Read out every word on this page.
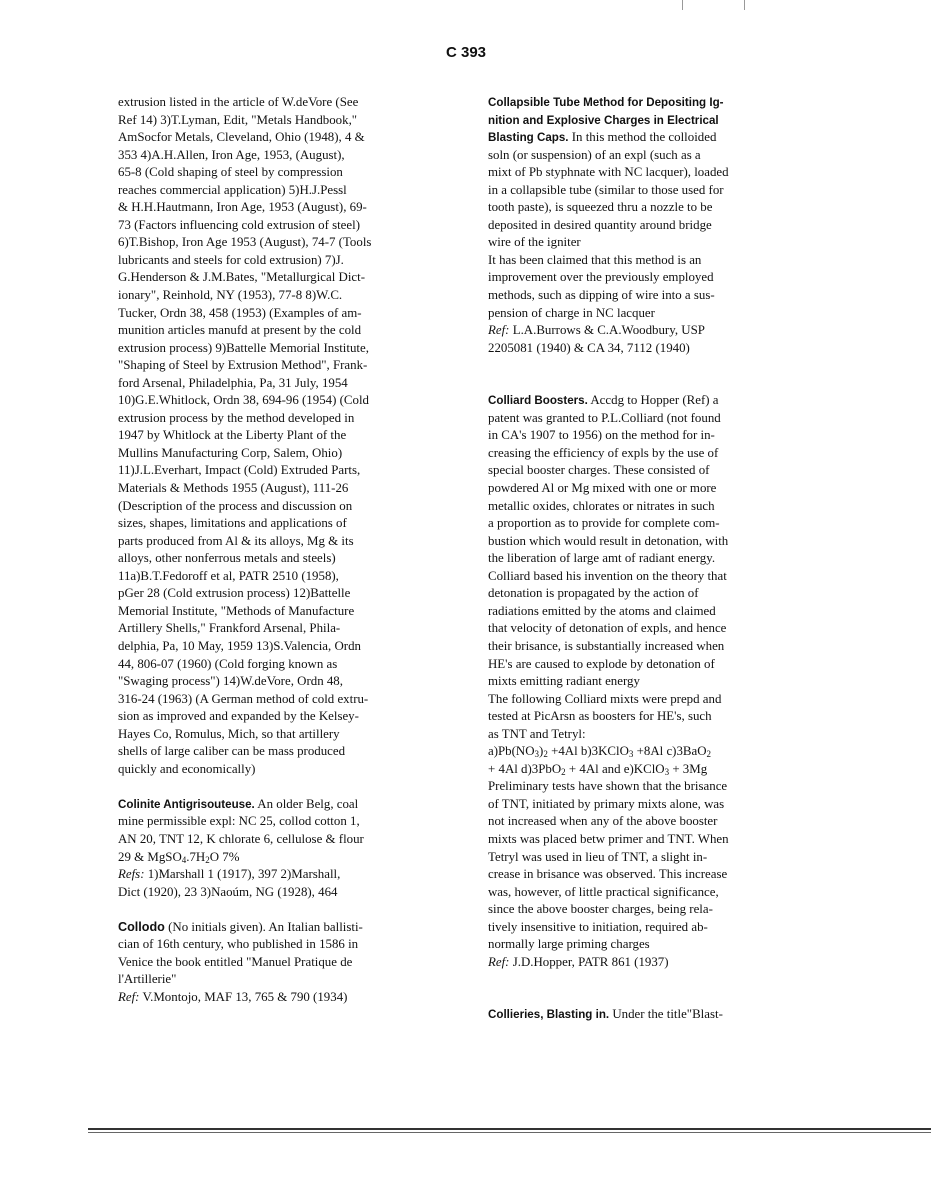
C 393
extrusion listed in the article of W.deVore (See
Ref 14) 3)T.Lyman, Edit, "Metals Handbook,"
AmSocfor Metals, Cleveland, Ohio (1948), 4 &
353 4)A.H.Allen, Iron Age, 1953, (August),
65-8 (Cold shaping of steel by compression
reaches commercial application) 5)H.J.Pessl
& H.H.Hautmann, Iron Age, 1953 (August), 69-
73 (Factors influencing cold extrusion of steel)
6)T.Bishop, Iron Age 1953 (August), 74-7 (Tools
lubricants and steels for cold extrusion) 7)J.
G.Henderson & J.M.Bates, "Metallurgical Dict-
ionary", Reinhold, NY (1953), 77-8 8)W.C.
Tucker, Ordn 38, 458 (1953) (Examples of am-
munition articles manufd at present by the cold
extrusion process) 9)Battelle Memorial Institute,
"Shaping of Steel by Extrusion Method", Frank-
ford Arsenal, Philadelphia, Pa, 31 July, 1954
10)G.E.Whitlock, Ordn 38, 694-96 (1954) (Cold
extrusion process by the method developed in
1947 by Whitlock at the Liberty Plant of the
Mullins Manufacturing Corp, Salem, Ohio)
11)J.L.Everhart, Impact (Cold) Extruded Parts,
Materials & Methods 1955 (August), 111-26
(Description of the process and discussion on
sizes, shapes, limitations and applications of
parts produced from Al & its alloys, Mg & its
alloys, other nonferrous metals and steels)
11a)B.T.Fedoroff et al, PATR 2510 (1958),
pGer 28 (Cold extrusion process) 12)Battelle
Memorial Institute, "Methods of Manufacture
Artillery Shells," Frankford Arsenal, Phila-
delphia, Pa, 10 May, 1959 13)S.Valencia, Ordn
44, 806-07 (1960) (Cold forging known as
"Swaging process") 14)W.deVore, Ordn 48,
316-24 (1963) (A German method of cold extru-
sion as improved and expanded by the Kelsey-
Hayes Co, Romulus, Mich, so that artillery
shells of large caliber can be mass produced
quickly and economically)
Colinite Antigrisouteuse. An older Belg, coal
mine permissible expl: NC 25, collod cotton 1,
AN 20, TNT 12, K chlorate 6, cellulose & flour
29 & $MgSO_4.7H_2O$ 7%
Refs: 1)Marshall 1 (1917), 397 2)Marshall,
Dict (1920), 23 3)Naoúm, NG (1928), 464
Collodo (No initials given). An Italian ballisti-
cian of 16th century, who published in 1586 in
Venice the book entitled "Manuel Pratique de
l'Artillerie"
Ref: V.Montojo, MAF 13, 765 & 790 (1934)
Collapsible Tube Method for Depositing Ig-
nition and Explosive Charges in Electrical
Blasting Caps. In this method the colloided
soln (or suspension) of an expl (such as a
mixt of Pb styphnate with NC lacquer), loaded
in a collapsible tube (similar to those used for
tooth paste), is squeezed thru a nozzle to be
deposited in desired quantity around bridge
wire of the igniter
It has been claimed that this method is an
improvement over the previously employed
methods, such as dipping of wire into a sus-
pension of charge in NC lacquer
Ref: L.A.Burrows & C.A.Woodbury, USP
2205081 (1940) & CA 34, 7112 (1940)
Colliard Boosters. Accdg to Hopper (Ref) a
patent was granted to P.L.Colliard (not found
in CA's 1907 to 1956) on the method for in-
creasing the efficiency of expls by the use of
special booster charges. These consisted of
powdered Al or Mg mixed with one or more
metallic oxides, chlorates or nitrates in such
a proportion as to provide for complete com-
bustion which would result in detonation, with
the liberation of large amt of radiant energy.
Colliard based his invention on the theory that
detonation is propagated by the action of
radiations emitted by the atoms and claimed
that velocity of detonation of expls, and hence
their brisance, is substantially increased when
HE's are caused to explode by detonation of
mixts emitting radiant energy
The following Colliard mixts were prepd and
tested at PicArsn as boosters for HE's, such
as TNT and Tetryl:
$a)Pb(NO_3)_2 +4Al$ b)3KClO$_3$ +8Al c)3BaO$_2$
+ 4Al d)3PbO$_2$ + 4Al and e)KClO$_3$ + 3Mg
Preliminary tests have shown that the brisance
of TNT, initiated by primary mixts alone, was
not increased when any of the above booster
mixts was placed betw primer and TNT. When
Tetryl was used in lieu of TNT, a slight in-
crease in brisance was observed. This increase
was, however, of little practical significance,
since the above booster charges, being rela-
tively insensitive to initiation, required ab-
normally large priming charges
Ref: J.D.Hopper, PATR 861 (1937)
Collieries, Blasting in. Under the title"Blast-
